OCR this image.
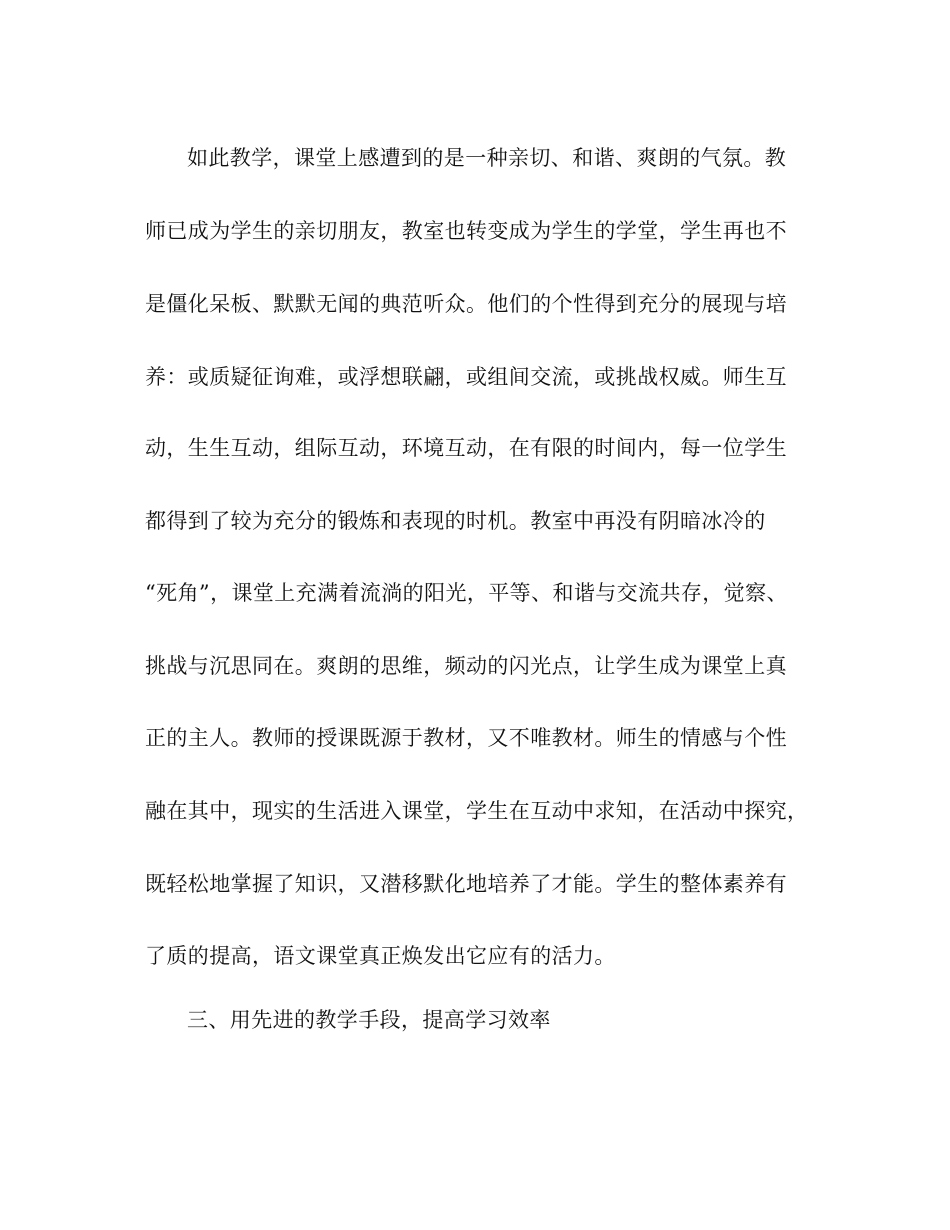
如此教学，课堂上感遭到的是一种亲切、和谐、爽朗的气氛。教

师已成为学生的亲切朋友，教室也转变成为学生的学堂，学生再也不

是僵化呆板、默默无闻的典范听众。他们的个性得到充分的展现与培

养：或质疑征询难，或浮想联翩，或组间交流，或挑战权威。师生互

动，生生互动，组际互动，环境互动，在有限的时间内，每一位学生

都得到了较为充分的锻炼和表现的时机。教室中再没有阴暗冰冷的

“死角”，课堂上充满着流淌的阳光，平等、和谐与交流共存，觉察、

挑战与沉思同在。爽朗的思维，频动的闪光点，让学生成为课堂上真

正的主人。教师的授课既源于教材，又不唯教材。师生的情感与个性

融在其中，现实的生活进入课堂，学生在互动中求知，在活动中探究，

既轻松地掌握了知识，又潜移默化地培养了才能。学生的整体素养有

了质的提高，语文课堂真正焕发出它应有的活力。

三、用先进的教学手段，提高学习效率
